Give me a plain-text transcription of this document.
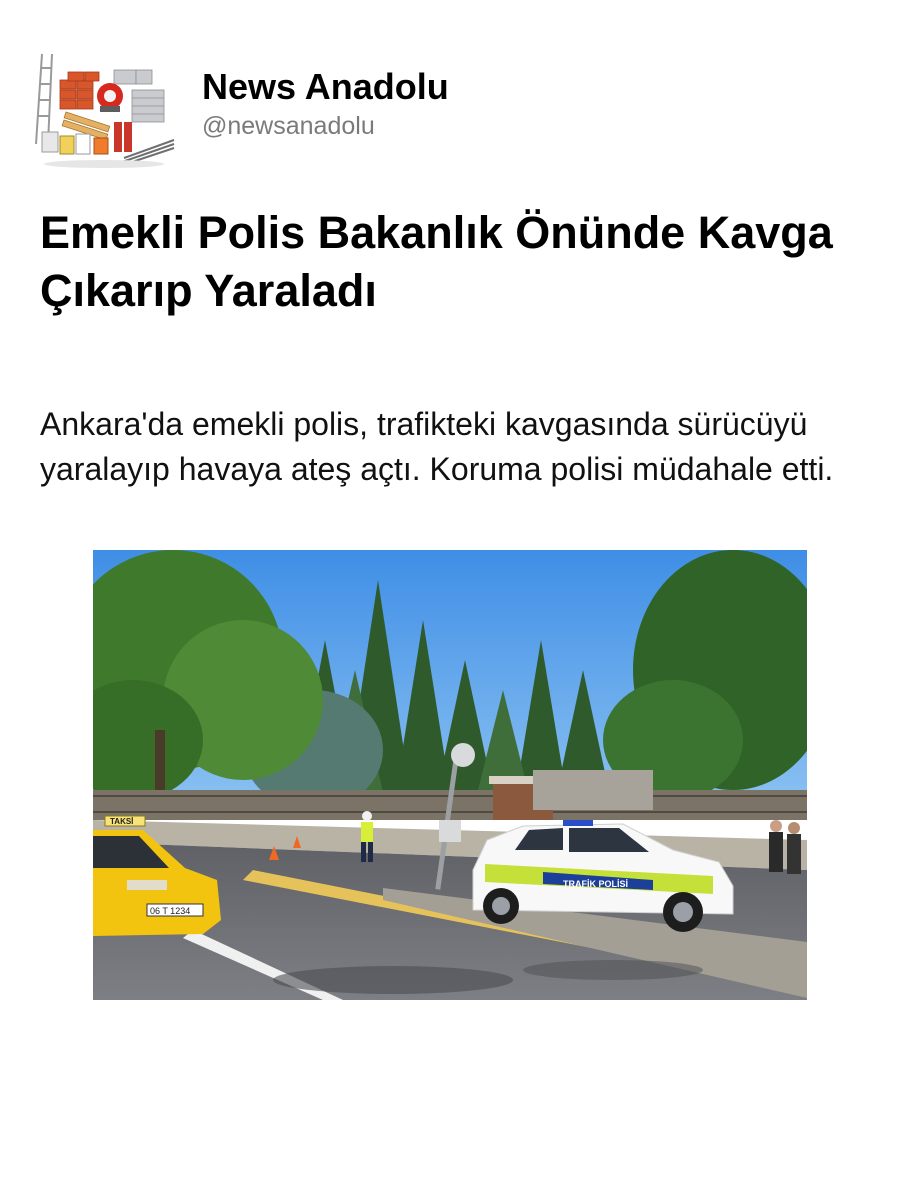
News Anadolu
@newsanadolu
Emekli Polis Bakanlık Önünde Kavga Çıkarıp Yaraladı

Ankara'da emekli polis, trafikteki kavgasında sürücüyü yaralayıp havaya ateş açtı. Koruma polisi müdahale etti.

TRAFİK POLİSİ
TAKSİ
06 T 1234
